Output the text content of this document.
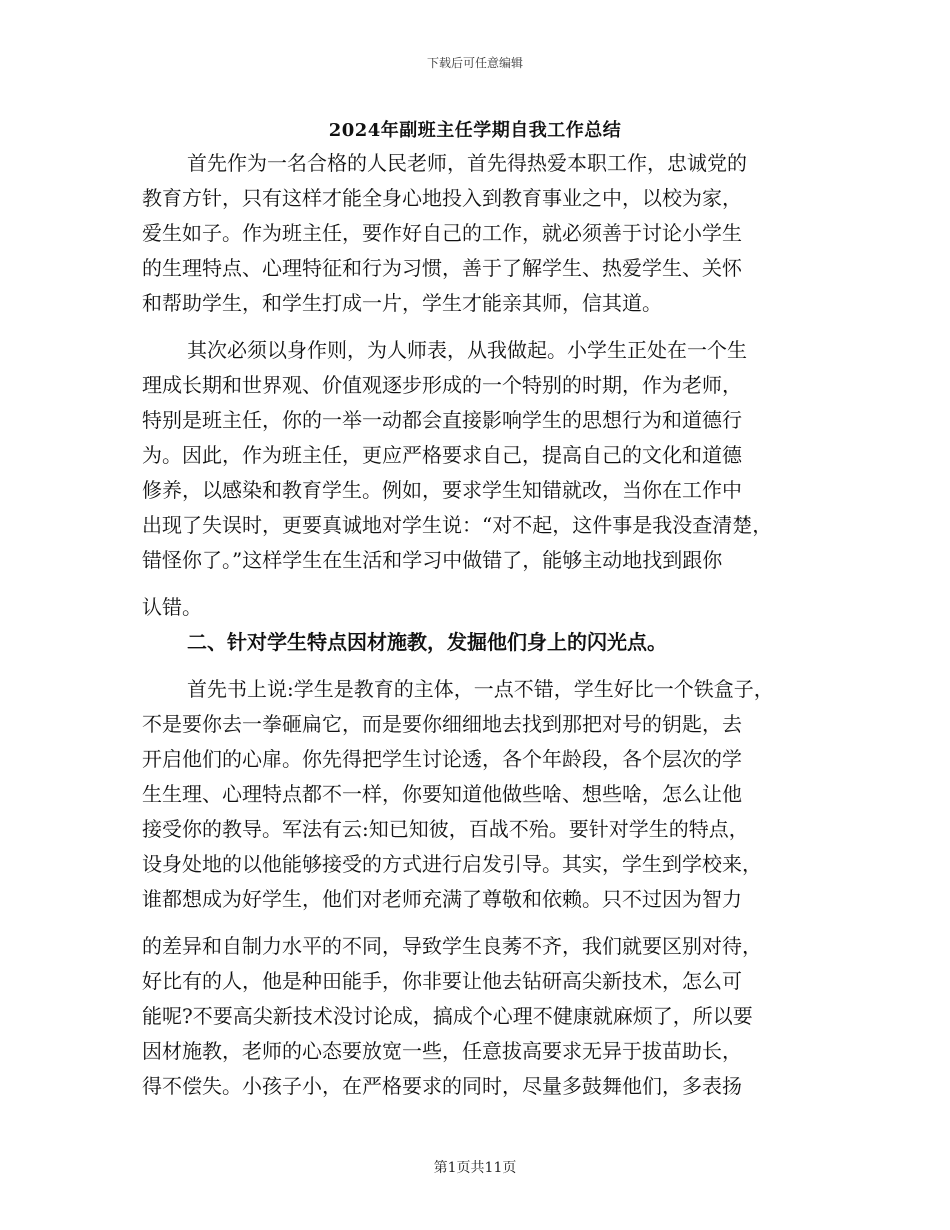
下载后可任意编辑
2024年副班主任学期自我工作总结
首先作为一名合格的人民老师，首先得热爱本职工作，忠诚党的
教育方针，只有这样才能全身心地投入到教育事业之中，以校为家，
爱生如子。作为班主任，要作好自己的工作，就必须善于讨论小学生
的生理特点、心理特征和行为习惯，善于了解学生、热爱学生、关怀
和帮助学生，和学生打成一片，学生才能亲其师，信其道。
其次必须以身作则，为人师表，从我做起。小学生正处在一个生
理成长期和世界观、价值观逐步形成的一个特别的时期，作为老师，
特别是班主任，你的一举一动都会直接影响学生的思想行为和道德行
为。因此，作为班主任，更应严格要求自己，提高自己的文化和道德
修养，以感染和教育学生。例如，要求学生知错就改，当你在工作中
出现了失误时，更要真诚地对学生说：“对不起，这件事是我没查清楚，
错怪你了。”这样学生在生活和学习中做错了，能够主动地找到跟你
认错。
二、针对学生特点因材施教，发掘他们身上的闪光点。
首先书上说:学生是教育的主体，一点不错，学生好比一个铁盒子，
不是要你去一拳砸扁它，而是要你细细地去找到那把对号的钥匙，去
开启他们的心扉。你先得把学生讨论透，各个年龄段，各个层次的学
生生理、心理特点都不一样，你要知道他做些啥、想些啥，怎么让他
接受你的教导。军法有云:知已知彼，百战不殆。要针对学生的特点，
设身处地的以他能够接受的方式进行启发引导。其实，学生到学校来，
谁都想成为好学生，他们对老师充满了尊敬和依赖。只不过因为智力
的差异和自制力水平的不同，导致学生良莠不齐，我们就要区别对待，
好比有的人，他是种田能手，你非要让他去钻研高尖新技术，怎么可
能呢?不要高尖新技术没讨论成，搞成个心理不健康就麻烦了，所以要
因材施教，老师的心态要放宽一些，任意拔高要求无异于拔苗助长，
得不偿失。小孩子小，在严格要求的同时，尽量多鼓舞他们，多表扬
第1页共11页
